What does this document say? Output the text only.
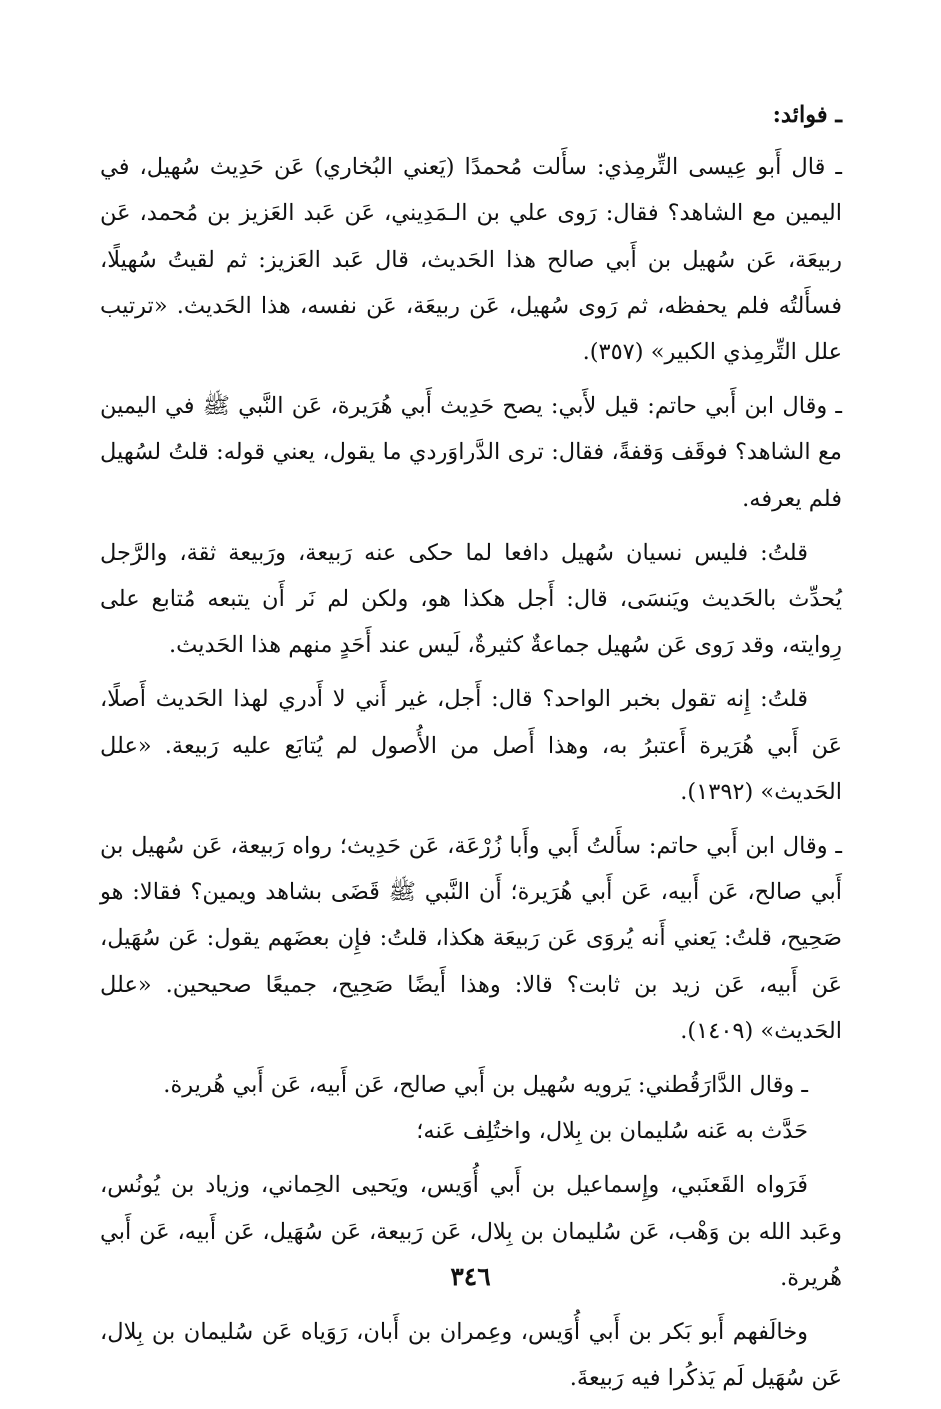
ـ فوائد:

ـ قال أَبو عِيسى التِّرمِذي: سأَلت مُحمدًا (يَعني البُخاري) عَن حَدِيث سُهيل، في اليمين مع الشاهد؟ فقال: رَوى علي بن الـمَدِيني، عَن عَبد العَزيز بن مُحمد، عَن ربيعَة، عَن سُهيل بن أَبي صالح هذا الحَديث، قال عَبد العَزيز: ثم لقيتُ سُهيلًا، فسأَلتُه فلم يحفظه، ثم رَوى سُهيل، عَن ربيعَة، عَن نفسه، هذا الحَديث. «ترتيب علل التِّرمِذي الكبير» (٣٥٧).

ـ وقال ابن أَبي حاتم: قيل لأَبي: يصح حَدِيث أَبي هُرَيرة، عَن النَّبي ﷺ في اليمين مع الشاهد؟ فوقَف وَقفةً، فقال: ترى الدَّراوَردي ما يقول، يعني قوله: قلتُ لسُهيل فلم يعرفه.

قلتُ: فليس نسيان سُهيل دافعا لما حكى عنه رَبيعة، ورَبيعة ثقة، والرَّجل يُحدِّث بالحَديث ويَنسَى، قال: أَجل هكذا هو، ولكن لم نَر أَن يتبعه مُتابع على رِوايته، وقد رَوى عَن سُهيل جماعةٌ كثيرةٌ، لَيس عند أَحَدٍ منهم هذا الحَديث.

قلتُ: إِنه تقول بخبر الواحد؟ قال: أَجل، غير أَني لا أَدري لهذا الحَديث أَصلًا، عَن أَبي هُرَيرة أَعتبرُ به، وهذا أَصل من الأُصول لم يُتابَع عليه رَبيعة. «علل الحَديث» (١٣٩٢).

ـ وقال ابن أَبي حاتم: سأَلتُ أَبي وأَبا زُرْعَة، عَن حَدِيث؛ رواه رَبيعة، عَن سُهيل بن أَبي صالح، عَن أَبيه، عَن أَبي هُرَيرة؛ أَن النَّبي ﷺ قَضَى بشاهد ويمين؟ فقالا: هو صَحِيح، قلتُ: يَعني أَنه يُروَى عَن رَبيعَة هكذا، قلتُ: فإِن بعضَهم يقول: عَن سُهَيل، عَن أَبيه، عَن زيد بن ثابت؟ قالا: وهذا أَيضًا صَحِيح، جميعًا صحيحين. «علل الحَديث» (١٤٠٩).

ـ وقال الدَّارَقُطني: يَرويه سُهيل بن أَبي صالح، عَن أَبيه، عَن أَبي هُريرة.

حَدَّث به عَنه سُليمان بن بِلال، واختُلِف عَنه؛

فَرَواه القَعنَبي، وإِسماعيل بن أَبي أُوَيس، ويَحيى الحِماني، وزياد بن يُونُس، وعَبد الله بن وَهْب، عَن سُليمان بن بِلال، عَن رَبيعة، عَن سُهَيل، عَن أَبيه، عَن أَبي هُريرة.

وخالَفهم أَبو بَكر بن أَبي أُوَيس، وعِمران بن أَبان، رَوَياه عَن سُليمان بن بِلال، عَن سُهَيل لَم يَذكُرا فيه رَبيعةَ.

٣٤٦
